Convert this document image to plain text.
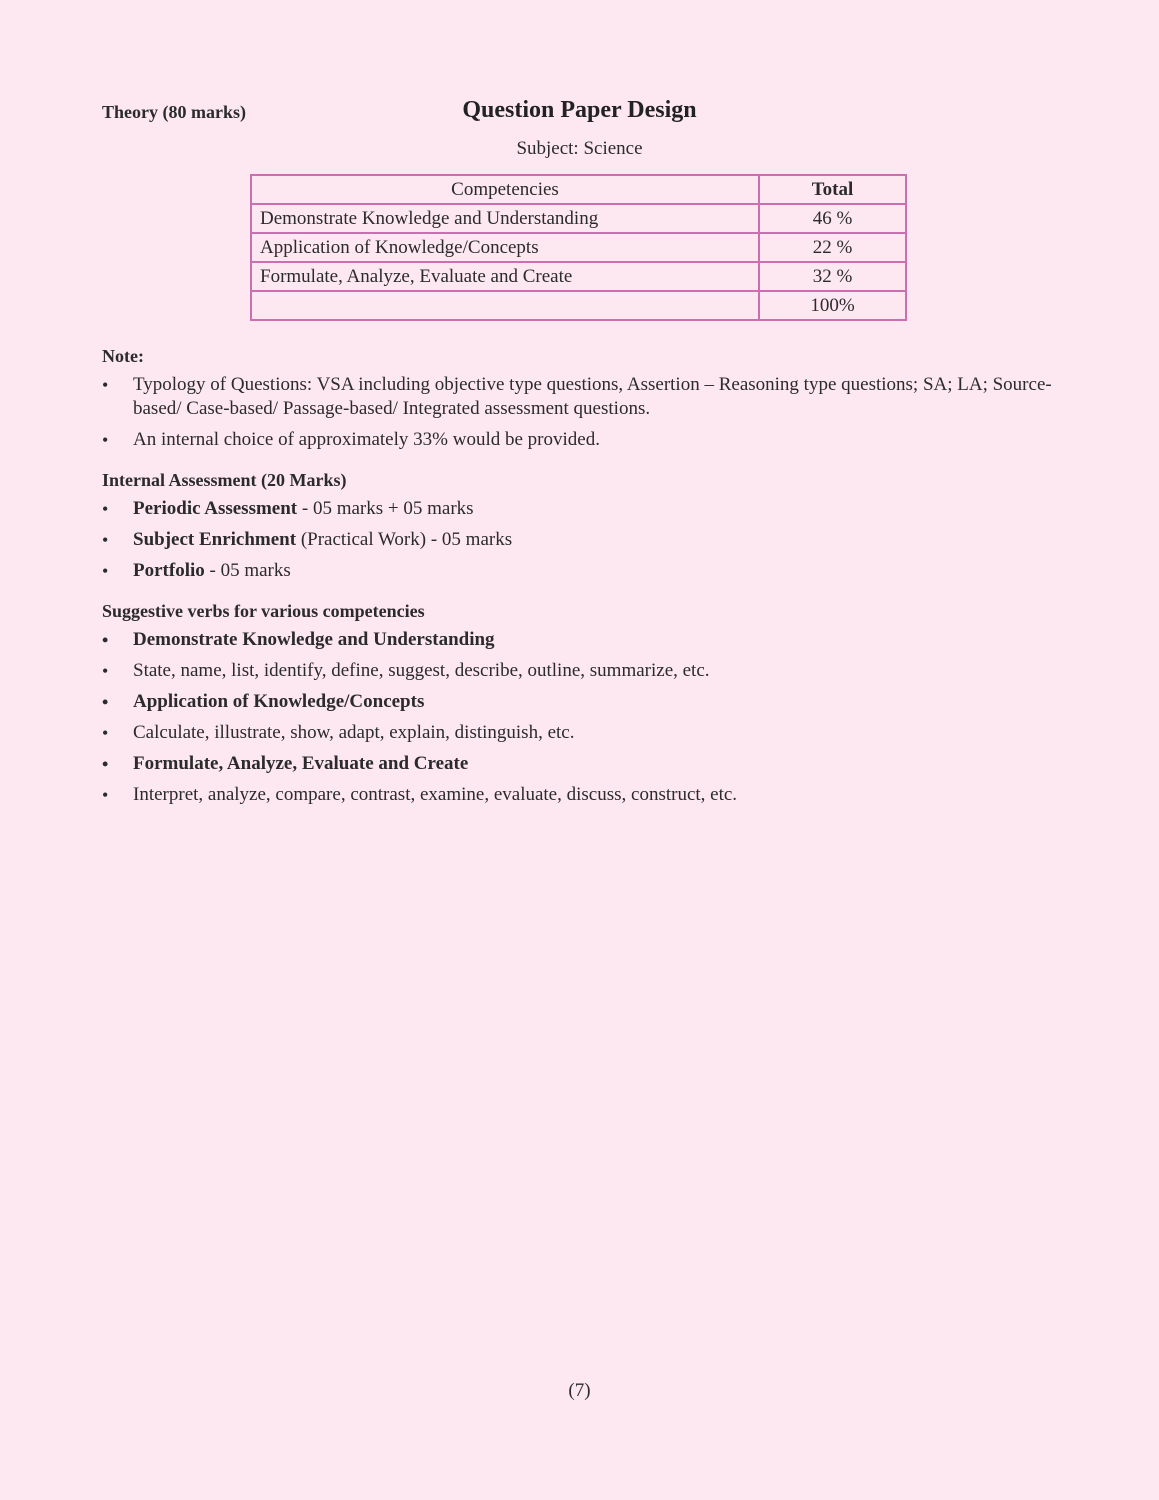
Theory (80 marks)	Question Paper Design
Subject: Science
Competencies	Total
Demonstrate Knowledge and Understanding	46 %
Application of Knowledge/Concepts	22 %
Formulate, Analyze, Evaluate and Create	32 %
	100%
Note:
• Typology of Questions: VSA including objective type questions, Assertion – Reasoning type questions; SA; LA; Source-based/ Case-based/ Passage-based/ Integrated assessment questions.
• An internal choice of approximately 33% would be provided.
Internal Assessment (20 Marks)
• Periodic Assessment - 05 marks + 05 marks
• Subject Enrichment (Practical Work) - 05 marks
• Portfolio - 05 marks
Suggestive verbs for various competencies
• Demonstrate Knowledge and Understanding
• State, name, list, identify, define, suggest, describe, outline, summarize, etc.
• Application of Knowledge/Concepts
• Calculate, illustrate, show, adapt, explain, distinguish, etc.
• Formulate, Analyze, Evaluate and Create
• Interpret, analyze, compare, contrast, examine, evaluate, discuss, construct, etc.
(7)
